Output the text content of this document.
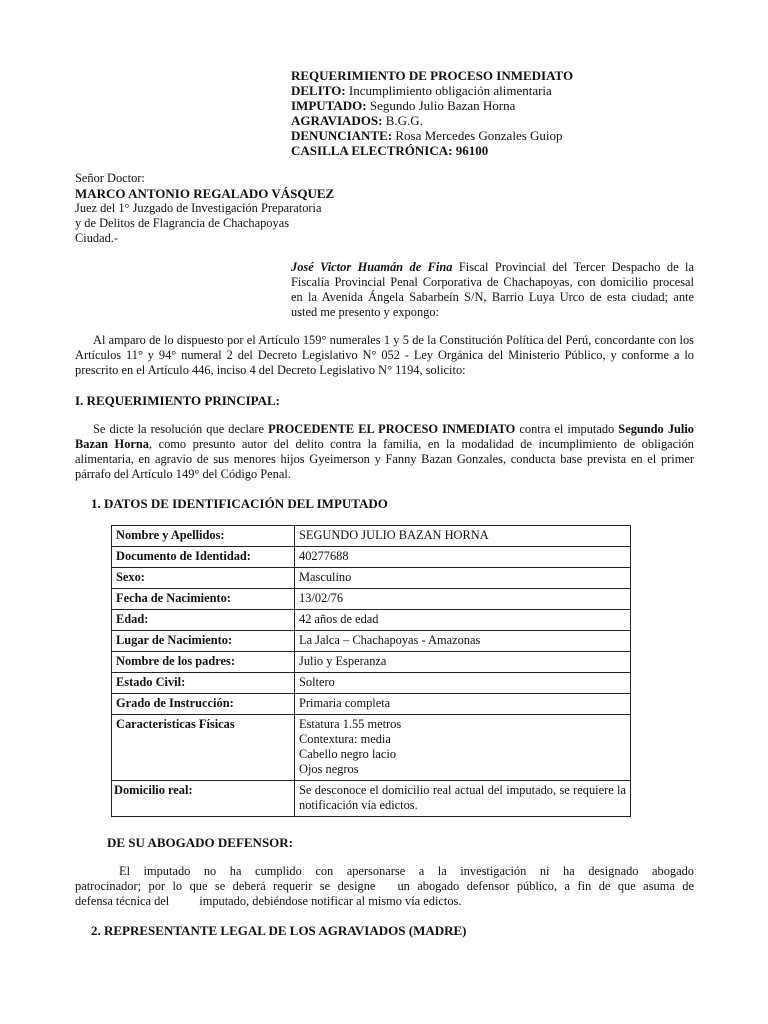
REQUERIMIENTO DE PROCESO INMEDIATO
DELITO: Incumplimiento obligación alimentaria
IMPUTADO: Segundo Julio Bazan Horna
AGRAVIADOS: B.G.G.
DENUNCIANTE: Rosa Mercedes Gonzales Guiop
CASILLA ELECTRÓNICA: 96100
Señor Doctor:
MARCO ANTONIO REGALADO VÁSQUEZ
Juez del 1° Juzgado de Investigación Preparatoria
y de Delitos de Flagrancia de Chachapoyas
Ciudad.-
José Victor Huamán de Fina Fiscal Provincial del Tercer Despacho de la Fiscalía Provincial Penal Corporativa de Chachapoyas, con domicilio procesal en la Avenida Ángela Sabarbeín S/N, Barrio Luya Urco de esta ciudad; ante usted me presento y expongo:
Al amparo de lo dispuesto por el Artículo 159° numerales 1 y 5 de la Constitución Política del Perú, concordante con los Artículos 11° y 94° numeral 2 del Decreto Legislativo N° 052 - Ley Orgánica del Ministerio Público, y conforme a lo prescrito en el Artículo 446, inciso 4 del Decreto Legislativo N° 1194, solicito:
I. REQUERIMIENTO PRINCIPAL:
Se dicte la resolución que declare PROCEDENTE EL PROCESO INMEDIATO contra el imputado Segundo Julio Bazan Horna, como presunto autor del delito contra la familia, en la modalidad de incumplimiento de obligación alimentaria, en agravio de sus menores hijos Gyeimerson y Fanny Bazan Gonzales, conducta base prevista en el primer párrafo del Artículo 149° del Código Penal.
1. DATOS DE IDENTIFICACIÓN DEL IMPUTADO
Nombre y Apellidos:	SEGUNDO JULIO BAZAN HORNA
Documento de Identidad:	40277688
Sexo:	Masculino
Fecha de Nacimiento:	13/02/76
Edad:	42 años de edad
Lugar de Nacimiento:	La Jalca – Chachapoyas - Amazonas
Nombre de los padres:	Julio y Esperanza
Estado Civil:	Soltero
Grado de Instrucción:	Primaria completa
Caracteristicas Físicas	Estatura 1.55 metros
Contextura: media
Cabello negro lacio
Ojos negros

Domicilio real:	Se desconoce el domicilio real actual del imputado, se requiere la notificación vía edictos.
DE SU ABOGADO DEFENSOR:
El imputado no ha cumplido con apersonarse a la investigación ni ha designado abogado
patrocinador; por lo que se deberá requerir se designe un abogado defensor público, a fin de que asuma de
defensa técnica del imputado, debiéndose notificar al mismo vía edictos.
2. REPRESENTANTE LEGAL DE LOS AGRAVIADOS (MADRE)
